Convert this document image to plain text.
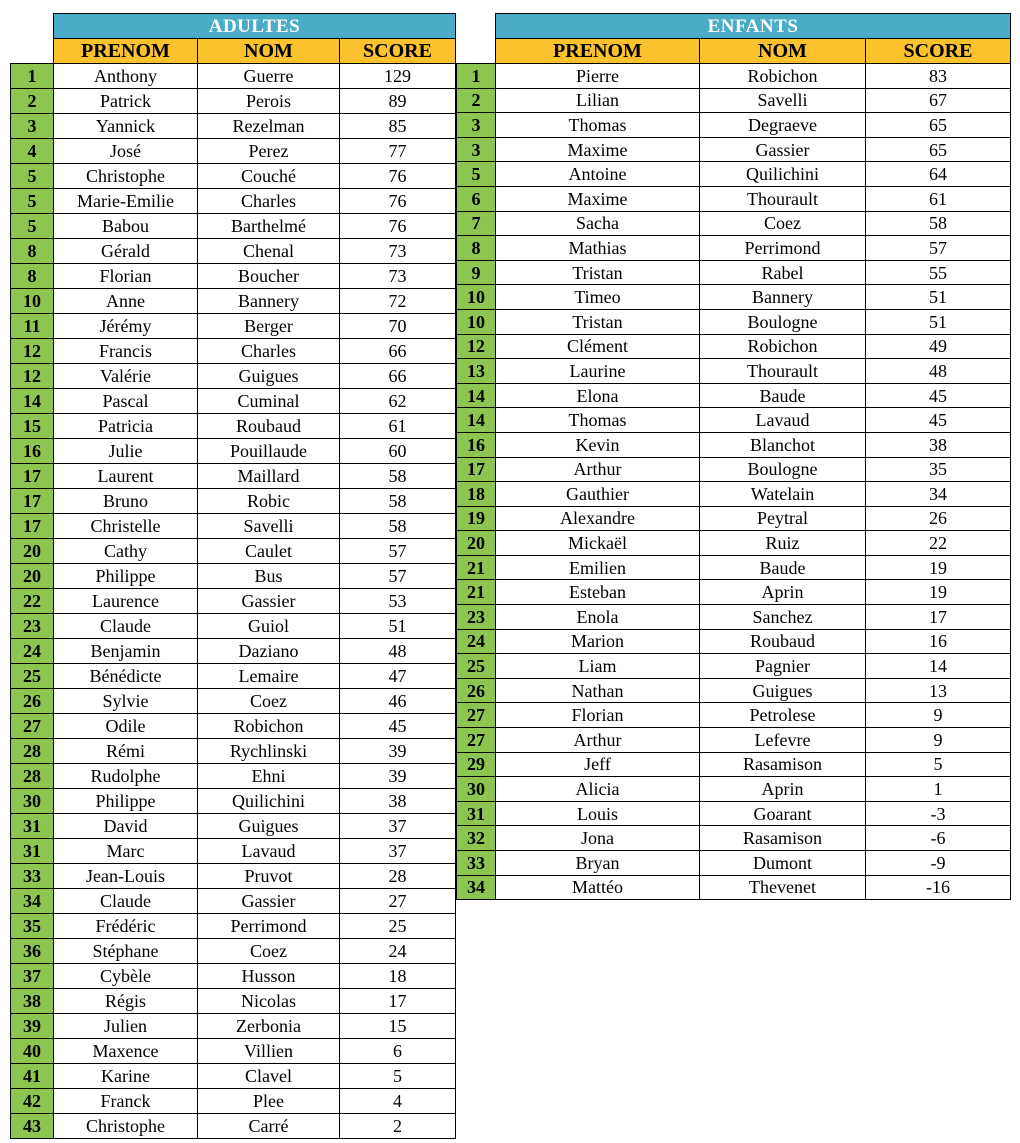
	ADULTES		
	PRENOM	NOM	SCORE
1	Anthony	Guerre	129
2	Patrick	Perois	89
3	Yannick	Rezelman	85
4	José	Perez	77
5	Christophe	Couché	76
5	Marie-Emilie	Charles	76
5	Babou	Barthelmé	76
8	Gérald	Chenal	73
8	Florian	Boucher	73
10	Anne	Bannery	72
11	Jérémy	Berger	70
12	Francis	Charles	66
12	Valérie	Guigues	66
14	Pascal	Cuminal	62
15	Patricia	Roubaud	61
16	Julie	Pouillaude	60
17	Laurent	Maillard	58
17	Bruno	Robic	58
17	Christelle	Savelli	58
20	Cathy	Caulet	57
20	Philippe	Bus	57
22	Laurence	Gassier	53
23	Claude	Guiol	51
24	Benjamin	Daziano	48
25	Bénédicte	Lemaire	47
26	Sylvie	Coez	46
27	Odile	Robichon	45
28	Rémi	Rychlinski	39
28	Rudolphe	Ehni	39
30	Philippe	Quilichini	38
31	David	Guigues	37
31	Marc	Lavaud	37
33	Jean-Louis	Pruvot	28
34	Claude	Gassier	27
35	Frédéric	Perrimond	25
36	Stéphane	Coez	24
37	Cybèle	Husson	18
38	Régis	Nicolas	17
39	Julien	Zerbonia	15
40	Maxence	Villien	6
41	Karine	Clavel	5
42	Franck	Plee	4
43	Christophe	Carré	2
	ENFANTS		
	PRENOM	NOM	SCORE
1	Pierre	Robichon	83
2	Lilian	Savelli	67
3	Thomas	Degraeve	65
3	Maxime	Gassier	65
5	Antoine	Quilichini	64
6	Maxime	Thourault	61
7	Sacha	Coez	58
8	Mathias	Perrimond	57
9	Tristan	Rabel	55
10	Timeo	Bannery	51
10	Tristan	Boulogne	51
12	Clément	Robichon	49
13	Laurine	Thourault	48
14	Elona	Baude	45
14	Thomas	Lavaud	45
16	Kevin	Blanchot	38
17	Arthur	Boulogne	35
18	Gauthier	Watelain	34
19	Alexandre	Peytral	26
20	Mickaël	Ruiz	22
21	Emilien	Baude	19
21	Esteban	Aprin	19
23	Enola	Sanchez	17
24	Marion	Roubaud	16
25	Liam	Pagnier	14
26	Nathan	Guigues	13
27	Florian	Petrolese	9
27	Arthur	Lefevre	9
29	Jeff	Rasamison	5
30	Alicia	Aprin	1
31	Louis	Goarant	-3
32	Jona	Rasamison	-6
33	Bryan	Dumont	-9
34	Mattéo	Thevenet	-16
